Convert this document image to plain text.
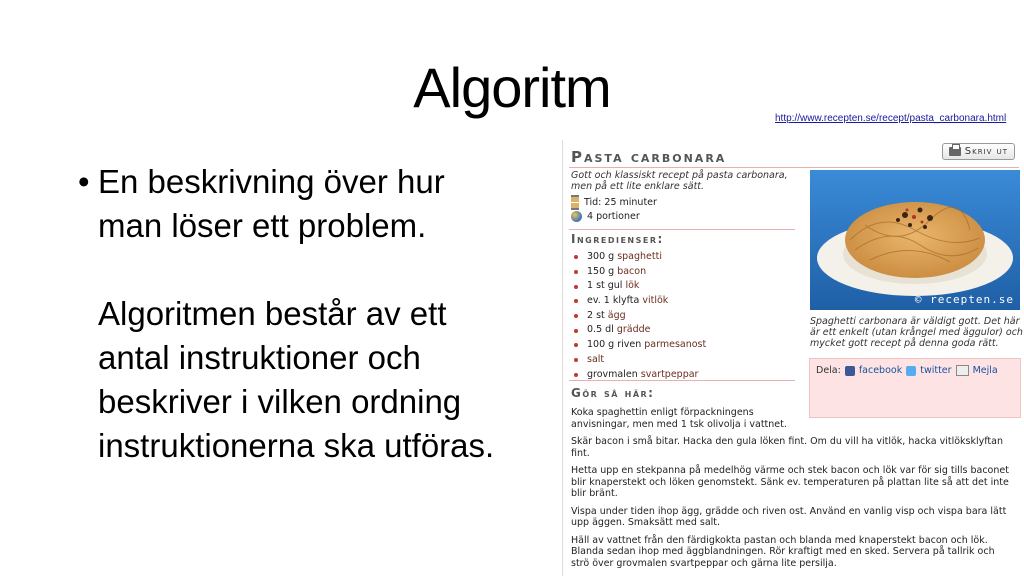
Algoritm	http://www.recepten.se/recept/pasta_carbonara.html
• En beskrivning över hur man löser ett problem.

Algoritmen består av ett antal instruktioner och beskriver i vilken ordning instruktionerna ska utföras.

Pasta carbonara	Skriv ut
Gott och klassiskt recept på pasta carbonara, men på ett lite enklare sätt.
Tid: 25 minuter
4 portioner
Ingredienser:
300 g spaghetti
150 g bacon
1 st gul lök
ev. 1 klyfta vitlök
2 st ägg
0.5 dl grädde
100 g riven parmesanost
salt
grovmalen svartpeppar
© recepten.se
Spaghetti carbonara är väldigt gott. Det här är ett enkelt (utan krångel med äggulor) och mycket gott recept på denna goda rätt.
Dela: facebook twitter Mejla
Gör så här:

Koka spaghettin enligt förpackningens anvisningar, men med 1 tsk olivolja i vattnet.

Skär bacon i små bitar. Hacka den gula löken fint. Om du vill ha vitlök, hacka vitlöksklyftan fint.

Hetta upp en stekpanna på medelhög värme och stek bacon och lök var för sig tills baconet blir knaperstekt och löken genomstekt. Sänk ev. temperaturen på plattan lite så att det inte blir bränt.

Vispa under tiden ihop ägg, grädde och riven ost. Använd en vanlig visp och vispa bara lätt upp äggen. Smaksätt med salt.

Häll av vattnet från den färdigkokta pastan och blanda med knaperstekt bacon och lök. Blanda sedan ihop med äggblandningen. Rör kraftigt med en sked. Servera på tallrik och strö över grovmalen svartpeppar och gärna lite persilja.
